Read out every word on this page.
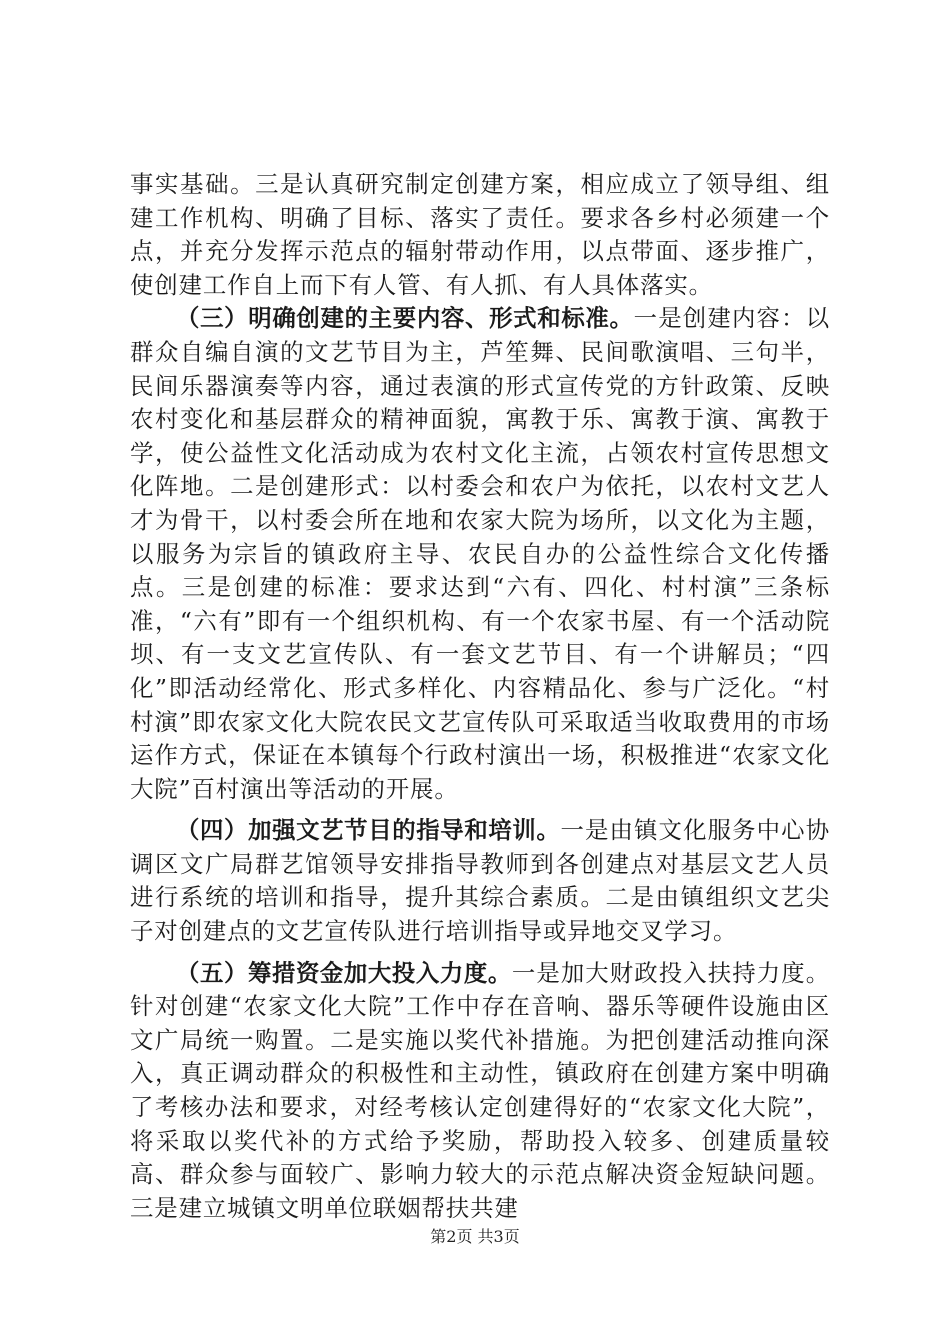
事实基础。三是认真研究制定创建方案，相应成立了领导组、组建工作机构、明确了目标、落实了责任。要求各乡村必须建一个点，并充分发挥示范点的辐射带动作用，以点带面、逐步推广，使创建工作自上而下有人管、有人抓、有人具体落实。

（三）明确创建的主要内容、形式和标准。一是创建内容：以群众自编自演的文艺节目为主，芦笙舞、民间歌演唱、三句半，民间乐器演奏等内容，通过表演的形式宣传党的方针政策、反映农村变化和基层群众的精神面貌，寓教于乐、寓教于演、寓教于学，使公益性文化活动成为农村文化主流，占领农村宣传思想文化阵地。二是创建形式：以村委会和农户为依托，以农村文艺人才为骨干，以村委会所在地和农家大院为场所，以文化为主题，以服务为宗旨的镇政府主导、农民自办的公益性综合文化传播点。三是创建的标准：要求达到“六有、四化、村村演”三条标准，“六有”即有一个组织机构、有一个农家书屋、有一个活动院坝、有一支文艺宣传队、有一套文艺节目、有一个讲解员；“四化”即活动经常化、形式多样化、内容精品化、参与广泛化。“村村演”即农家文化大院农民文艺宣传队可采取适当收取费用的市场运作方式，保证在本镇每个行政村演出一场，积极推进“农家文化大院”百村演出等活动的开展。

（四）加强文艺节目的指导和培训。一是由镇文化服务中心协调区文广局群艺馆领导安排指导教师到各创建点对基层文艺人员进行系统的培训和指导，提升其综合素质。二是由镇组织文艺尖子对创建点的文艺宣传队进行培训指导或异地交叉学习。

（五）筹措资金加大投入力度。一是加大财政投入扶持力度。针对创建“农家文化大院”工作中存在音响、器乐等硬件设施由区文广局统一购置。二是实施以奖代补措施。为把创建活动推向深入，真正调动群众的积极性和主动性，镇政府在创建方案中明确了考核办法和要求，对经考核认定创建得好的“农家文化大院”，将采取以奖代补的方式给予奖励，帮助投入较多、创建质量较高、群众参与面较广、影响力较大的示范点解决资金短缺问题。三是建立城镇文明单位联姻帮扶共建

第2页 共3页
